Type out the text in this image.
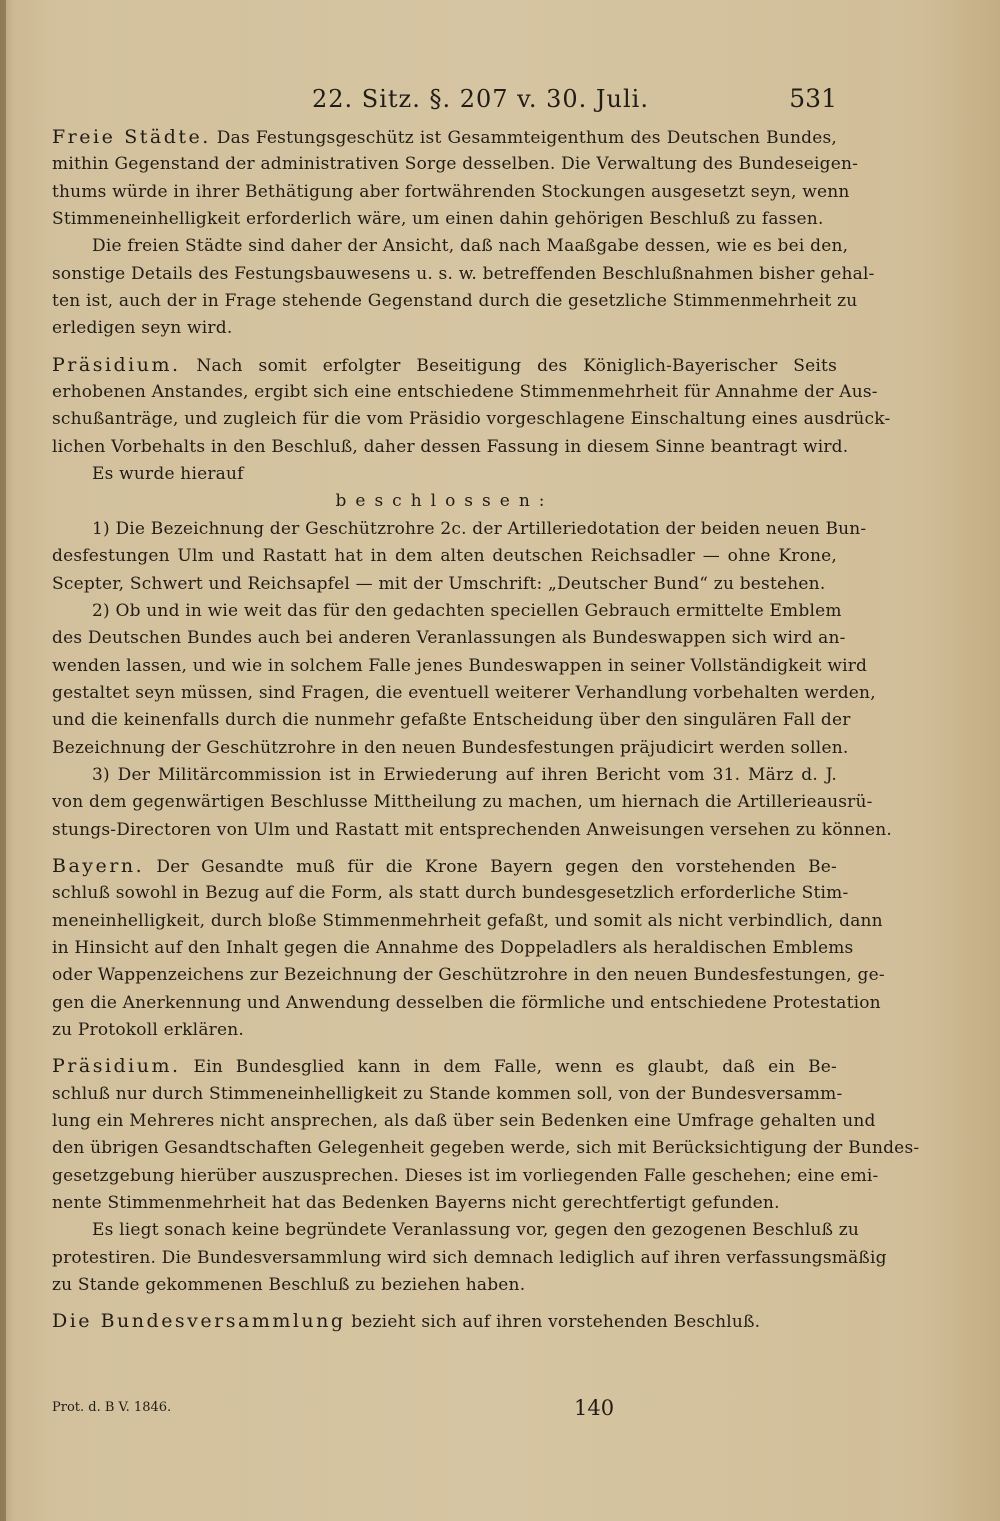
22. Sitz. §. 207 v. 30. Juli.	531
Freie Städte. Das Festungsgeschütz ist Gesammteigenthum des Deutschen Bundes,
mithin Gegenstand der administrativen Sorge desselben. Die Verwaltung des Bundeseigen-
thums würde in ihrer Bethätigung aber fortwährenden Stockungen ausgesetzt seyn, wenn
Stimmeneinhelligkeit erforderlich wäre, um einen dahin gehörigen Beschluß zu fassen.
Die freien Städte sind daher der Ansicht, daß nach Maaßgabe dessen, wie es bei den,
sonstige Details des Festungsbauwesens u. s. w. betreffenden Beschlußnahmen bisher gehal-
ten ist, auch der in Frage stehende Gegenstand durch die gesetzliche Stimmenmehrheit zu
erledigen seyn wird.
Präsidium. Nach somit erfolgter Beseitigung des Königlich-Bayerischer Seits
erhobenen Anstandes, ergibt sich eine entschiedene Stimmenmehrheit für Annahme der Aus-
schußanträge, und zugleich für die vom Präsidio vorgeschlagene Einschaltung eines ausdrück-
lichen Vorbehalts in den Beschluß, daher dessen Fassung in diesem Sinne beantragt wird.
Es wurde hierauf
beschlossen:
1) Die Bezeichnung der Geschützrohre 2c. der Artilleriedotation der beiden neuen Bun-
desfestungen Ulm und Rastatt hat in dem alten deutschen Reichsadler — ohne Krone,
Scepter, Schwert und Reichsapfel — mit der Umschrift: „Deutscher Bund“ zu bestehen.
2) Ob und in wie weit das für den gedachten speciellen Gebrauch ermittelte Emblem
des Deutschen Bundes auch bei anderen Veranlassungen als Bundeswappen sich wird an-
wenden lassen, und wie in solchem Falle jenes Bundeswappen in seiner Vollständigkeit wird
gestaltet seyn müssen, sind Fragen, die eventuell weiterer Verhandlung vorbehalten werden,
und die keinenfalls durch die nunmehr gefaßte Entscheidung über den singulären Fall der
Bezeichnung der Geschützrohre in den neuen Bundesfestungen präjudicirt werden sollen.
3) Der Militärcommission ist in Erwiederung auf ihren Bericht vom 31. März d. J.
von dem gegenwärtigen Beschlusse Mittheilung zu machen, um hiernach die Artillerieausrü-
stungs-Directoren von Ulm und Rastatt mit entsprechenden Anweisungen versehen zu können.
Bayern. Der Gesandte muß für die Krone Bayern gegen den vorstehenden Be-
schluß sowohl in Bezug auf die Form, als statt durch bundesgesetzlich erforderliche Stim-
meneinhelligkeit, durch bloße Stimmenmehrheit gefaßt, und somit als nicht verbindlich, dann
in Hinsicht auf den Inhalt gegen die Annahme des Doppeladlers als heraldischen Emblems
oder Wappenzeichens zur Bezeichnung der Geschützrohre in den neuen Bundesfestungen, ge-
gen die Anerkennung und Anwendung desselben die förmliche und entschiedene Protestation
zu Protokoll erklären.
Präsidium. Ein Bundesglied kann in dem Falle, wenn es glaubt, daß ein Be-
schluß nur durch Stimmeneinhelligkeit zu Stande kommen soll, von der Bundesversamm-
lung ein Mehreres nicht ansprechen, als daß über sein Bedenken eine Umfrage gehalten und
den übrigen Gesandtschaften Gelegenheit gegeben werde, sich mit Berücksichtigung der Bundes-
gesetzgebung hierüber auszusprechen. Dieses ist im vorliegenden Falle geschehen; eine emi-
nente Stimmenmehrheit hat das Bedenken Bayerns nicht gerechtfertigt gefunden.
Es liegt sonach keine begründete Veranlassung vor, gegen den gezogenen Beschluß zu
protestiren. Die Bundesversammlung wird sich demnach lediglich auf ihren verfassungsmäßig
zu Stande gekommenen Beschluß zu beziehen haben.
Die Bundesversammlung bezieht sich auf ihren vorstehenden Beschluß.
Prot. d. B V. 1846.	140
